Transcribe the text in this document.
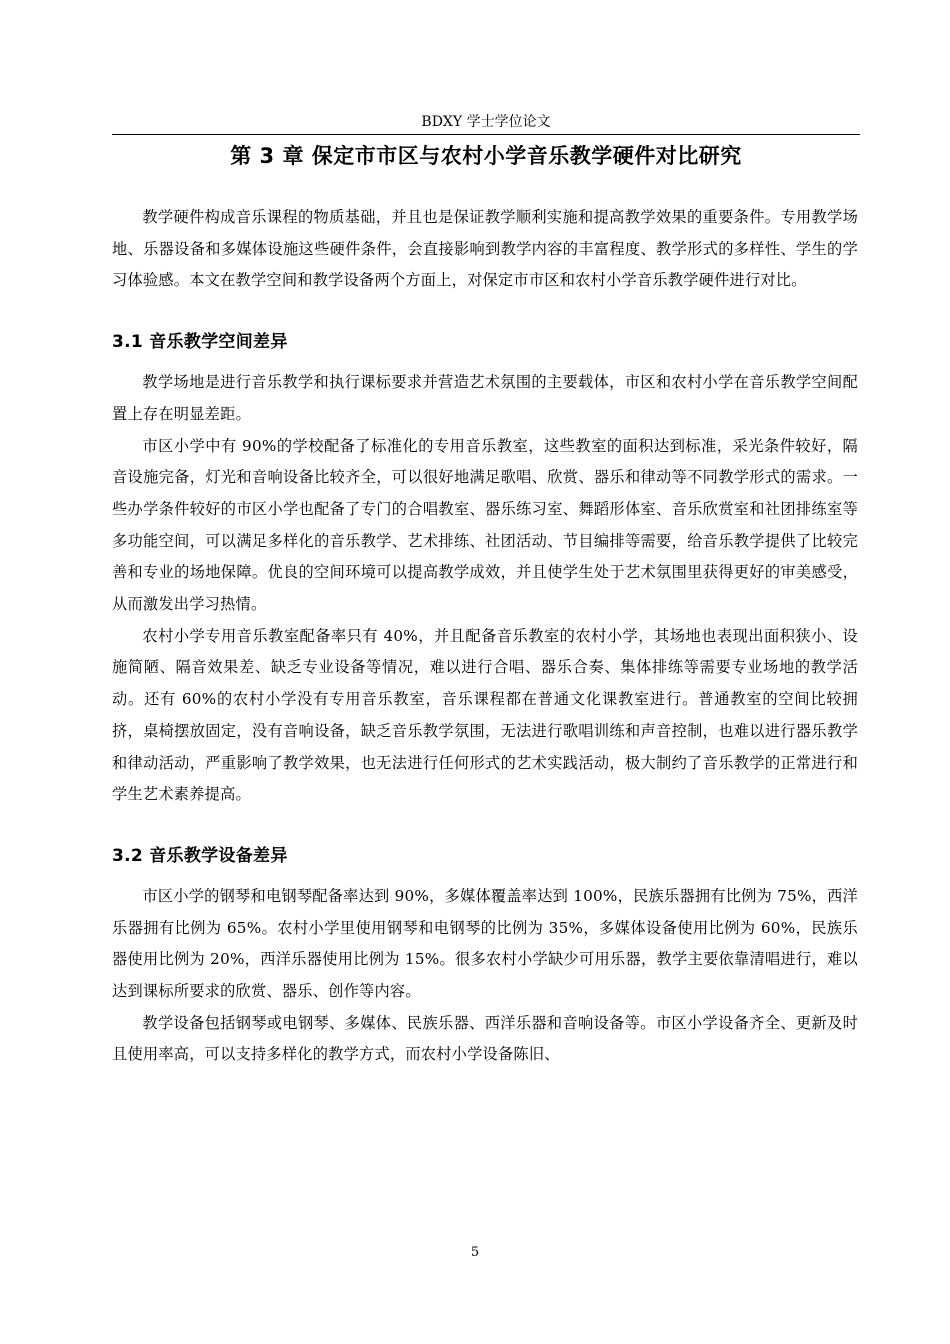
BDXY 学士学位论文
第 3 章 保定市市区与农村小学音乐教学硬件对比研究

教学硬件构成音乐课程的物质基础，并且也是保证教学顺利实施和提高教学效果的重要条件。专用教学场地、乐器设备和多媒体设施这些硬件条件，会直接影响到教学内容的丰富程度、教学形式的多样性、学生的学习体验感。本文在教学空间和教学设备两个方面上，对保定市市区和农村小学音乐教学硬件进行对比。

3.1 音乐教学空间差异

教学场地是进行音乐教学和执行课标要求并营造艺术氛围的主要载体，市区和农村小学在音乐教学空间配置上存在明显差距。

市区小学中有 90%的学校配备了标准化的专用音乐教室，这些教室的面积达到标准，采光条件较好，隔音设施完备，灯光和音响设备比较齐全，可以很好地满足歌唱、欣赏、器乐和律动等不同教学形式的需求。一些办学条件较好的市区小学也配备了专门的合唱教室、器乐练习室、舞蹈形体室、音乐欣赏室和社团排练室等多功能空间，可以满足多样化的音乐教学、艺术排练、社团活动、节目编排等需要，给音乐教学提供了比较完善和专业的场地保障。优良的空间环境可以提高教学成效，并且使学生处于艺术氛围里获得更好的审美感受，从而激发出学习热情。

农村小学专用音乐教室配备率只有 40%，并且配备音乐教室的农村小学，其场地也表现出面积狭小、设施简陋、隔音效果差、缺乏专业设备等情况，难以进行合唱、器乐合奏、集体排练等需要专业场地的教学活动。还有 60%的农村小学没有专用音乐教室，音乐课程都在普通文化课教室进行。普通教室的空间比较拥挤，桌椅摆放固定，没有音响设备，缺乏音乐教学氛围，无法进行歌唱训练和声音控制，也难以进行器乐教学和律动活动，严重影响了教学效果，也无法进行任何形式的艺术实践活动，极大制约了音乐教学的正常进行和学生艺术素养提高。

3.2 音乐教学设备差异

市区小学的钢琴和电钢琴配备率达到 90%，多媒体覆盖率达到 100%，民族乐器拥有比例为 75%，西洋乐器拥有比例为 65%。农村小学里使用钢琴和电钢琴的比例为 35%，多媒体设备使用比例为 60%，民族乐器使用比例为 20%，西洋乐器使用比例为 15%。很多农村小学缺少可用乐器，教学主要依靠清唱进行，难以达到课标所要求的欣赏、器乐、创作等内容。

教学设备包括钢琴或电钢琴、多媒体、民族乐器、西洋乐器和音响设备等。市区小学设备齐全、更新及时且使用率高，可以支持多样化的教学方式，而农村小学设备陈旧、

5
